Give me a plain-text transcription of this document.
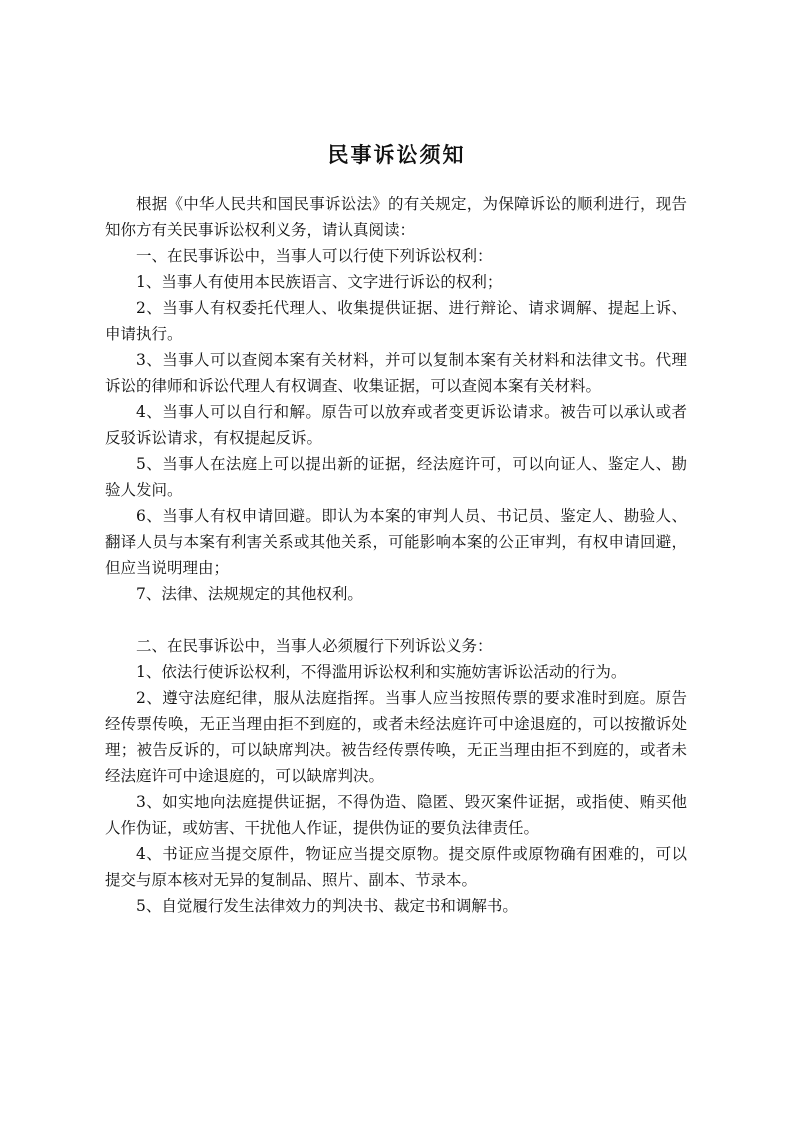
民事诉讼须知

根据《中华人民共和国民事诉讼法》的有关规定，为保障诉讼的顺利进行，现告知你方有关民事诉讼权利义务，请认真阅读：

一、在民事诉讼中，当事人可以行使下列诉讼权利：

1、当事人有使用本民族语言、文字进行诉讼的权利；

2、当事人有权委托代理人、收集提供证据、进行辩论、请求调解、提起上诉、申请执行。

3、当事人可以查阅本案有关材料，并可以复制本案有关材料和法律文书。代理诉讼的律师和诉讼代理人有权调查、收集证据，可以查阅本案有关材料。

4、当事人可以自行和解。原告可以放弃或者变更诉讼请求。被告可以承认或者反驳诉讼请求，有权提起反诉。

5、当事人在法庭上可以提出新的证据，经法庭许可，可以向证人、鉴定人、勘验人发问。

6、当事人有权申请回避。即认为本案的审判人员、书记员、鉴定人、勘验人、翻译人员与本案有利害关系或其他关系，可能影响本案的公正审判，有权申请回避，但应当说明理由；

7、法律、法规规定的其他权利。

二、在民事诉讼中，当事人必须履行下列诉讼义务：

1、依法行使诉讼权利，不得滥用诉讼权利和实施妨害诉讼活动的行为。

2、遵守法庭纪律，服从法庭指挥。当事人应当按照传票的要求准时到庭。原告经传票传唤，无正当理由拒不到庭的，或者未经法庭许可中途退庭的，可以按撤诉处理；被告反诉的，可以缺席判决。被告经传票传唤，无正当理由拒不到庭的，或者未经法庭许可中途退庭的，可以缺席判决。

3、如实地向法庭提供证据，不得伪造、隐匿、毁灭案件证据，或指使、贿买他人作伪证，或妨害、干扰他人作证，提供伪证的要负法律责任。

4、书证应当提交原件，物证应当提交原物。提交原件或原物确有困难的，可以提交与原本核对无异的复制品、照片、副本、节录本。

5、自觉履行发生法律效力的判决书、裁定书和调解书。
